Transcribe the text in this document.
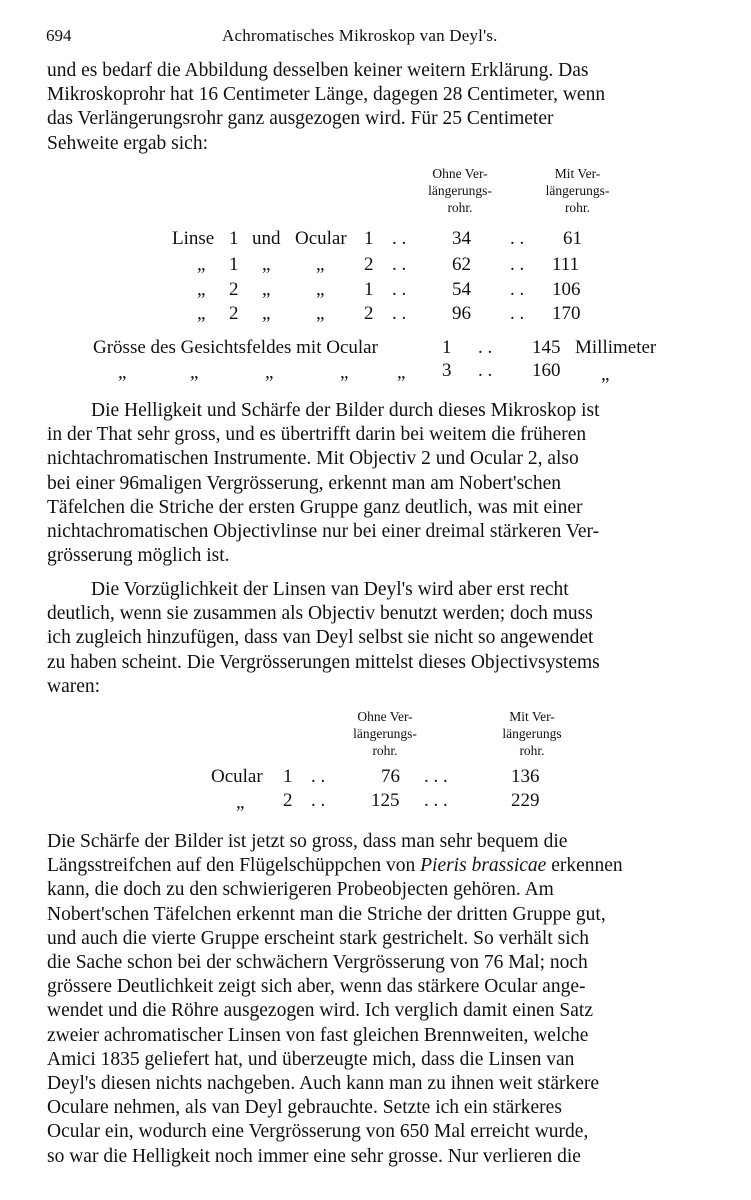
694	Achromatisches Mikroskop van Deyl's.
und es bedarf die Abbildung desselben keiner weitern Erklärung. Das
Mikroskoprohr hat 16 Centimeter Länge, dagegen 28 Centimeter, wenn
das Verlängerungsrohr ganz ausgezogen wird. Für 25 Centimeter
Sehweite ergab sich:
Ohne Ver-
längerungs-
rohr.
Mit Ver-
längerungs-
rohr.
Linse 1 und Ocular 1 . . 34 . . 61
„ 1 „ „ 2 . . 62 . . 111
„ 2 „ „ 1 . . 54 . . 106
„ 2 „ „ 2 . . 96 . . 170
Grösse des Gesichtsfeldes mit Ocular	1 . . 145 Millimeter
„	„	„	„	„ 3 . . 160 „
Die Helligkeit und Schärfe der Bilder durch dieses Mikroskop ist
in der That sehr gross, und es übertrifft darin bei weitem die früheren
nichtachromatischen Instrumente. Mit Objectiv 2 und Ocular 2, also
bei einer 96maligen Vergrösserung, erkennt man am Nobert'schen
Täfelchen die Striche der ersten Gruppe ganz deutlich, was mit einer
nichtachromatischen Objectivlinse nur bei einer dreimal stärkeren Ver-
grösserung möglich ist.
Die Vorzüglichkeit der Linsen van Deyl's wird aber erst recht
deutlich, wenn sie zusammen als Objectiv benutzt werden; doch muss
ich zugleich hinzufügen, dass van Deyl selbst sie nicht so angewendet
zu haben scheint. Die Vergrösserungen mittelst dieses Objectivsystems
waren:
Ohne Ver-
längerungs-
rohr.
Mit Ver-
längerungs
rohr.
Ocular 1 . .	76 . . .	136
„ 2 . . 125 . . .	229
Die Schärfe der Bilder ist jetzt so gross, dass man sehr bequem die
Längsstreifchen auf den Flügelschüppchen von Pieris brassicae erkennen
kann, die doch zu den schwierigeren Probeobjecten gehören. Am
Nobert'schen Täfelchen erkennt man die Striche der dritten Gruppe gut,
und auch die vierte Gruppe erscheint stark gestrichelt. So verhält sich
die Sache schon bei der schwächern Vergrösserung von 76 Mal; noch
grössere Deutlichkeit zeigt sich aber, wenn das stärkere Ocular ange-
wendet und die Röhre ausgezogen wird. Ich verglich damit einen Satz
zweier achromatischer Linsen von fast gleichen Brennweiten, welche
Amici 1835 geliefert hat, und überzeugte mich, dass die Linsen van
Deyl's diesen nichts nachgeben. Auch kann man zu ihnen weit stärkere
Oculare nehmen, als van Deyl gebrauchte. Setzte ich ein stärkeres
Ocular ein, wodurch eine Vergrösserung von 650 Mal erreicht wurde,
so war die Helligkeit noch immer eine sehr grosse. Nur verlieren die
